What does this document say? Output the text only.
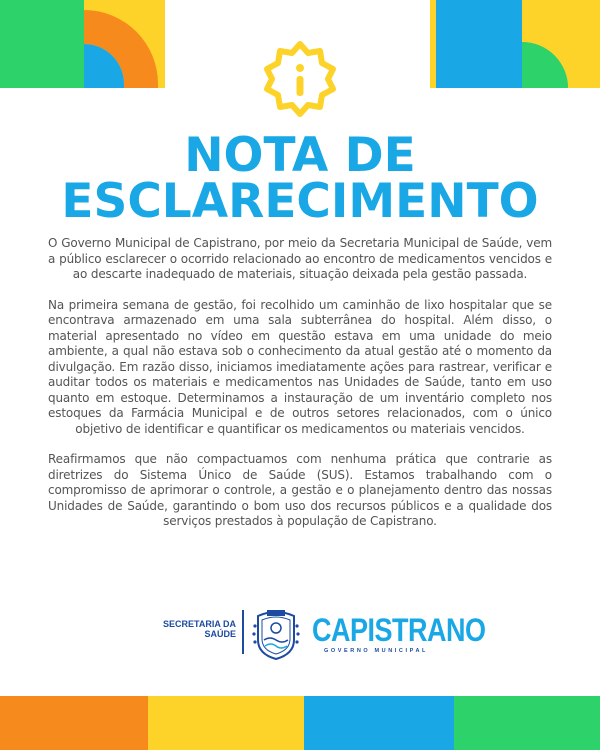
NOTA DE
ESCLARECIMENTO

O Governo Municipal de Capistrano, por meio da Secretaria Municipal de Saúde, vem a público esclarecer o ocorrido relacionado ao encontro de medicamentos vencidos e ao descarte inadequado de materiais, situação deixada pela gestão passada.

Na primeira semana de gestão, foi recolhido um caminhão de lixo hospitalar que se encontrava armazenado em uma sala subterrânea do hospital. Além disso, o material apresentado no vídeo em questão estava em uma unidade do meio ambiente, a qual não estava sob o conhecimento da atual gestão até o momento da divulgação. Em razão disso, iniciamos imediatamente ações para rastrear, verificar e auditar todos os materiais e medicamentos nas Unidades de Saúde, tanto em uso quanto em estoque. Determinamos a instauração de um inventário completo nos estoques da Farmácia Municipal e de outros setores relacionados, com o único objetivo de identificar e quantificar os medicamentos ou materiais vencidos.

Reafirmamos que não compactuamos com nenhuma prática que contrarie as diretrizes do Sistema Único de Saúde (SUS). Estamos trabalhando com o compromisso de aprimorar o controle, a gestão e o planejamento dentro das nossas Unidades de Saúde, garantindo o bom uso dos recursos públicos e a qualidade dos serviços prestados à população de Capistrano.

SECRETARIA DA
SAÚDE	CAPISTRANO
GOVERNO MUNICIPAL
